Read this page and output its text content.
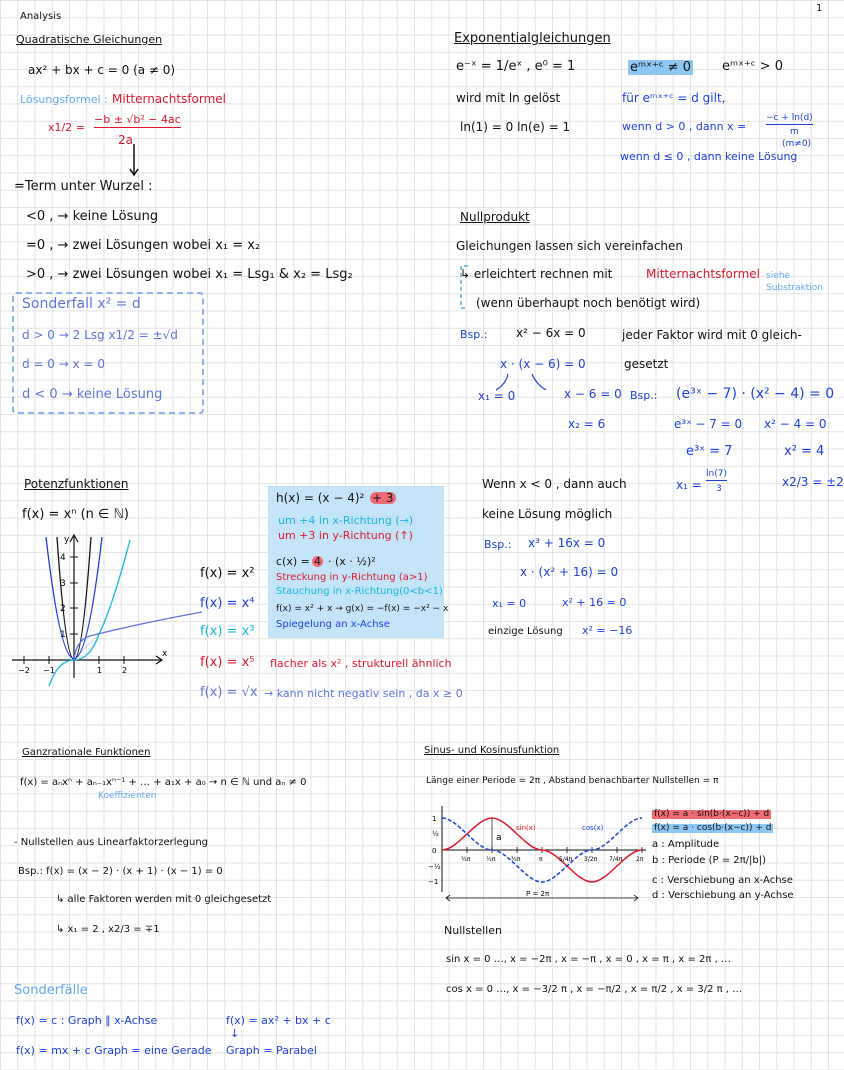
Analysis
1
Quadratische Gleichungen
ax² + bx + c = 0 (a ≠ 0)
Lösungsformel : Mitternachtsformel
x1/2 =
−b ± √b² − 4ac
2a
=Term unter Wurzel :
<0 , → keine Lösung
=0 , → zwei Lösungen wobei x₁ = x₂
>0 , → zwei Lösungen wobei x₁ = Lsg₁ & x₂ = Lsg₂
Sonderfall x² = d
d > 0 → 2 Lsg x1/2 = ±√d
d = 0 → x = 0
d < 0 → keine Lösung
Exponentialgleichungen
e⁻ˣ = 1/eˣ , e⁰ = 1	eᵐˣ⁺ᶜ ≠ 0 eᵐˣ⁺ᶜ > 0
wird mit ln gelöst	für eᵐˣ⁺ᶜ = d gilt,
ln(1) = 0 ln(e) = 1	wenn d > 0 , dann x =
−c + ln(d)
m
(m≠0)
wenn d ≤ 0 , dann keine Lösung
Nullprodukt
Gleichungen lassen sich vereinfachen
↳ erleichtert rechnen mit	Mitternachtsformel siehe
Substraktion
(wenn überhaupt noch benötigt wird)
Bsp.: x² − 6x = 0	jeder Faktor wird mit 0 gleich-
gesetzt
x · (x − 6) = 0
x₁ = 0	x − 6 = 0
x₂ = 6
Bsp.: (e³ˣ − 7) · (x² − 4) = 0
e³ˣ − 7 = 0 x² − 4 = 0
e³ˣ = 7	x² = 4
x₁ =
ln(7)
3	x2/3 = ±2
Wenn x < 0 , dann auch
keine Lösung möglich
Bsp.: x³ + 16x = 0
x · (x² + 16) = 0
x₁ = 0	x² + 16 = 0
einzige Lösung x² = −16
Potenzfunktionen
f(x) = xⁿ (n ∈ ℕ)
y
x
4
3
2
1
−2 −1	1 2
f(x) = x²
f(x) = x⁴
f(x) = x³
f(x) = x⁵ flacher als x² , strukturell ähnlich
f(x) = √x → kann nicht negativ sein , da x ≥ 0
h(x) = (x − 4)² + 3
um +4 in x-Richtung (→)
um +3 in y-Richtung (↑)
c(x) = 4 · (x · ½)²
Streckung in y-Richtung (a>1)
Stauchung in x-Richtung(0<b<1)
f(x) = x² + x → g(x) = −f(x) = −x² − x
Spiegelung an x-Achse
Ganzrationale Funktionen
f(x) = aₙxⁿ + aₙ₋₁xⁿ⁻¹ + … + a₁x + a₀ → n ∈ ℕ und aₙ ≠ 0
Koeffizienten
- Nullstellen aus Linearfaktorzerlegung
Bsp.: f(x) = (x − 2) · (x + 1) · (x − 1) = 0
↳ alle Faktoren werden mit 0 gleichgesetzt
↳ x₁ = 2 , x2/3 = ∓1
Sonderfälle
f(x) = c : Graph ∥ x-Achse	f(x) = ax² + bx + c
↓
f(x) = mx + c Graph = eine Gerade Graph = Parabel
Sinus- und Kosinusfunktion
Länge einer Periode = 2π , Abstand benachbarter Nullstellen = π
sin(x)	cos(x)
a
P = 2π
¼π	½π	¾π	π	5/4π 3/2π 7/4π 2π
1
½
0
−½
−1
f(x) = a · sin(b·(x−c)) + d
f(x) = a · cos(b·(x−c)) + d
a : Amplitude
b : Periode (P = 2π/|b|)
c : Verschiebung an x-Achse
d : Verschiebung an y-Achse
Nullstellen
sin x = 0 …, x = −2π , x = −π , x = 0 , x = π , x = 2π , …
cos x = 0 …, x = −3/2 π , x = −π/2 , x = π/2 , x = 3/2 π , …
